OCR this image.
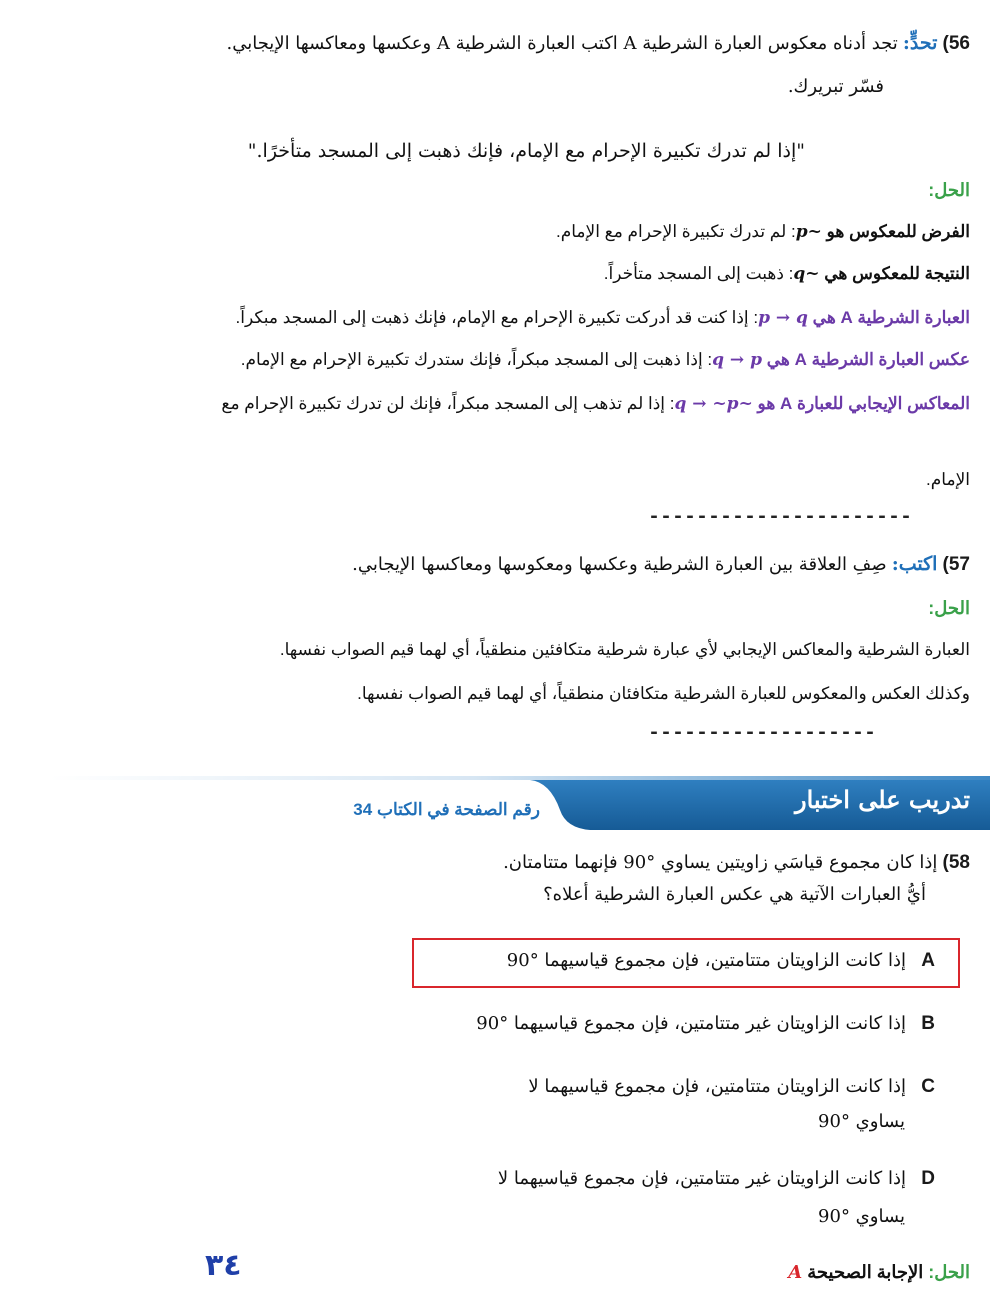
56) تحدٍّ: تجد أدناه معكوس العبارة الشرطية A اكتب العبارة الشرطية A وعكسها ومعاكسها الإيجابي.
فسّر تبريرك.
"إذا لم تدرك تكبيرة الإحرام مع الإمام، فإنك ذهبت إلى المسجد متأخرًا."
الحل:
الفرض للمعكوس هو ~p: لم تدرك تكبيرة الإحرام مع الإمام.
النتيجة للمعكوس هي ~q: ذهبت إلى المسجد متأخراً.
العبارة الشرطية A هي p → q: إذا كنت قد أدركت تكبيرة الإحرام مع الإمام، فإنك ذهبت إلى المسجد مبكراً.
عكس العبارة الشرطية A هي q → p: إذا ذهبت إلى المسجد مبكراً، فإنك ستدرك تكبيرة الإحرام مع الإمام.
المعاكس الإيجابي للعبارة A هو ~q → ~p: إذا لم تذهب إلى المسجد مبكراً، فإنك لن تدرك تكبيرة الإحرام مع
الإمام.
----------------------
57) اكتب: صِفِ العلاقة بين العبارة الشرطية وعكسها ومعكوسها ومعاكسها الإيجابي.
الحل:
العبارة الشرطية والمعاكس الإيجابي لأي عبارة شرطية متكافئين منطقياً، أي لهما قيم الصواب نفسها.
وكذلك العكس والمعكوس للعبارة الشرطية متكافئان منطقياً، أي لهما قيم الصواب نفسها.
-------------------
تدريب على اختبار
رقم الصفحة في الكتاب 34
58) إذا كان مجموع قياسَي زاويتين يساوي °90 فإنهما متتامتان.
أيُّ العبارات الآتية هي عكس العبارة الشرطية أعلاه؟
A   إذا كانت الزاويتان متتامتين، فإن مجموع قياسيهما °90
B   إذا كانت الزاويتان غير متتامتين، فإن مجموع قياسيهما °90
C   إذا كانت الزاويتان متتامتين، فإن مجموع قياسيهما لا
يساوي °90
D   إذا كانت الزاويتان غير متتامتين، فإن مجموع قياسيهما لا
يساوي °90
الحل: الإجابة الصحيحة A
٣٤
